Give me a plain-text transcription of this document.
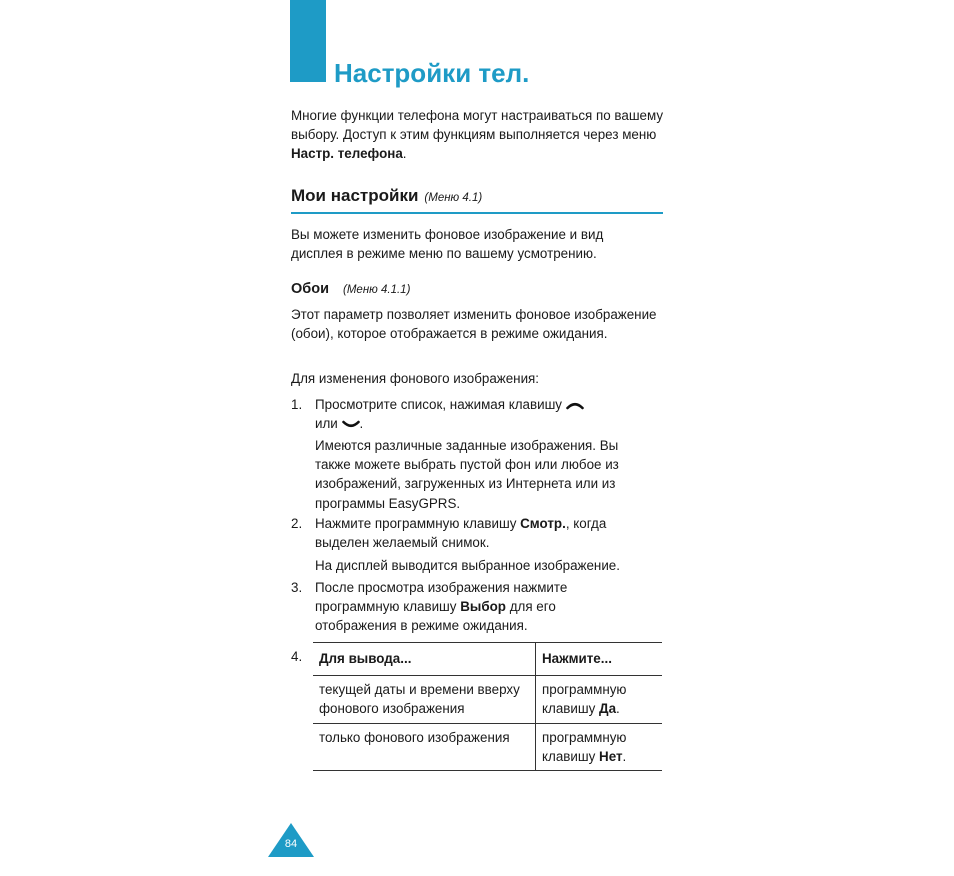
Настройки тел.

Многие функции телефона могут настраиваться по вашему выбору. Доступ к этим функциям выполняется через меню Настр. телефона.

Мои настройки (Меню 4.1)

Вы можете изменить фоновое изображение и вид дисплея в режиме меню по вашему усмотрению.

Обои (Меню 4.1.1)

Этот параметр позволяет изменить фоновое изображение (обои), которое отображается в режиме ожидания.

Для изменения фонового изображения:

1. Просмотрите список, нажимая клавишу

или .

Имеются различные заданные изображения. Вы также можете выбрать пустой фон или любое из изображений, загруженных из Интернета или из программы EasyGPRS.

2. Нажмите программную клавишу Смотр., когда выделен желаемый снимок.

На дисплей выводится выбранное изображение.

3. После просмотра изображения нажмите программную клавишу Выбор для его отображения в режиме ожидания.

4. Для вывода...	Нажмите...
текущей даты и времени вверху фонового изображения	программную клавишу Да.
только фонового изображения	программную клавишу Нет.
84
